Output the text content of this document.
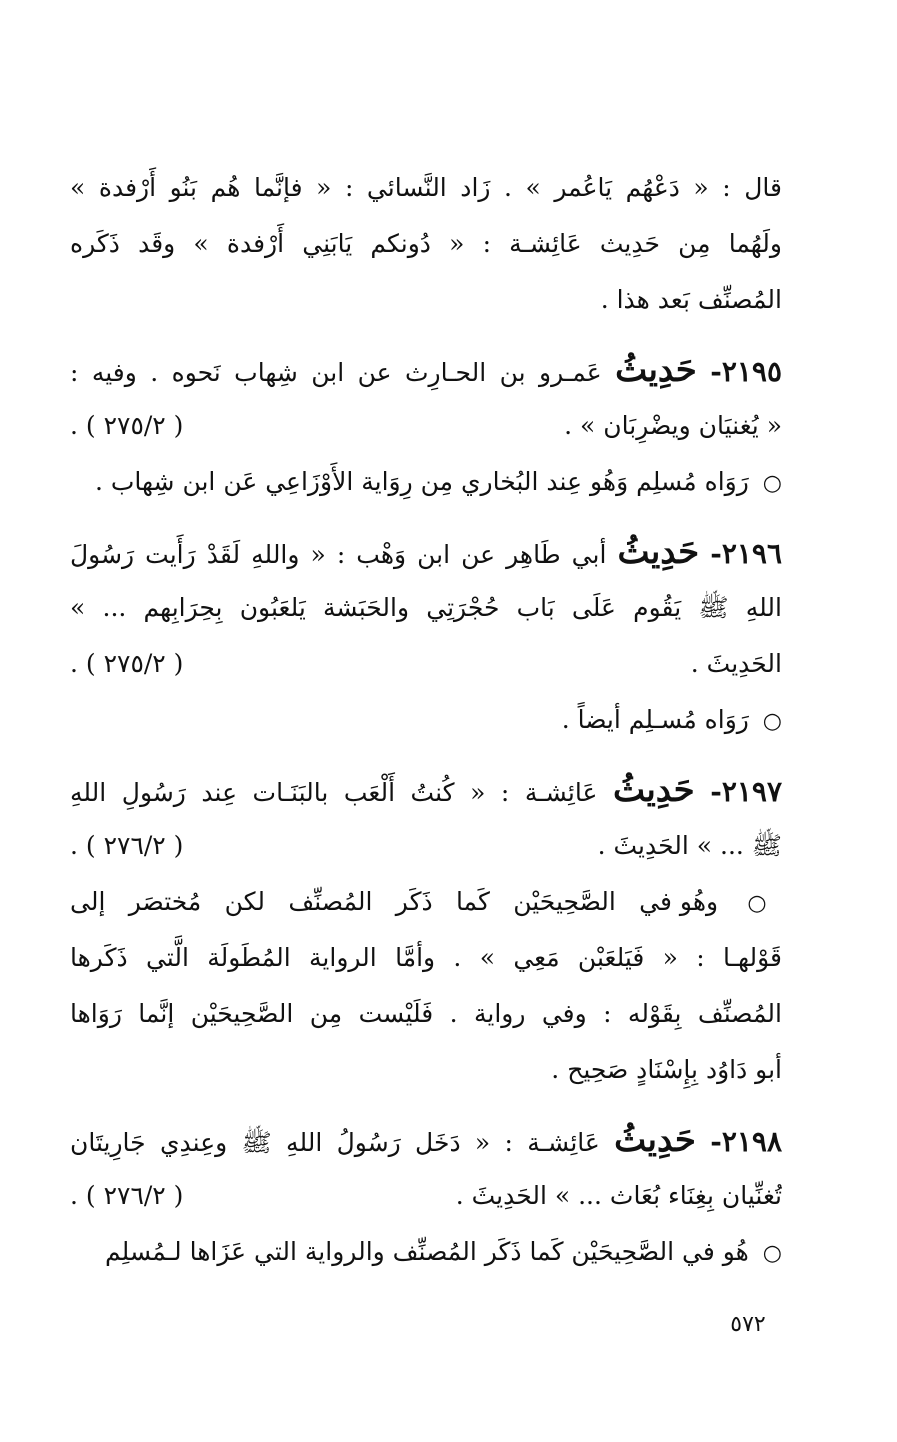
قال : « دَعْهُم يَاعُمر » . زَاد النَّسائي : « فإنَّما هُم بَنُو أَرْفدة »
ولَهُما مِن حَدِيث عَائِشـة : « دُونكم يَابَنِي أَرْفدة » وقَد ذَكَره
المُصنِّف بَعد هذا .
٢١٩٥- حَدِيثُ عَمـرو بن الحـارِث عن ابن شِهاب نَحوه . وفيه :
« يُغنيَان ويضْرِبَان » .
( ٢٧٥/٢ ) .
○ رَوَاه مُسلِم وَهُو عِند البُخاري مِن رِوَاية الأَوْزَاعِي عَن ابن شِهاب .
٢١٩٦- حَدِيثُ أبي طَاهِر عن ابن وَهْب : « واللهِ لَقَدْ رَأَيت رَسُولَ
اللهِ ﷺ يَقُوم عَلَى بَاب حُجْرَتِي والحَبَشة يَلعَبُون بِحِرَابِهم ... »
الحَدِيثَ .
( ٢٧٥/٢ ) .
○ رَوَاه مُسـلِم أيضاً .
٢١٩٧- حَدِيثُ عَائِشـة : « كُنتُ أَلْعَب بالبَنَـات عِند رَسُولِ اللهِ
ﷺ ... » الحَدِيثَ .
( ٢٧٦/٢ ) .
○ وهُو في الصَّحِيحَيْن كَما ذَكَر المُصنِّف لكن مُختصَر إلى
قَوْلهـا : « فَيَلعَبْن مَعِي » . وأمَّا الرواية المُطَولَة الَّتي ذَكَرها
المُصنِّف بِقَوْله : وفي رواية . فَلَيْست مِن الصَّحِيحَيْن إنَّما رَوَاها
أبو دَاوُد بِإِسْنَادٍ صَحِيح .
٢١٩٨- حَدِيثُ عَائِشـة : « دَخَل رَسُولُ اللهِ ﷺ وعِندِي جَارِيتَان
تُغنِّيان بِغِنَاء بُعَاث ... » الحَدِيثَ .
( ٢٧٦/٢ ) .
○ هُو في الصَّحِيحَيْن كَما ذَكَر المُصنِّف والرواية التي عَزَاها لـمُسلِم
٥٧٢
